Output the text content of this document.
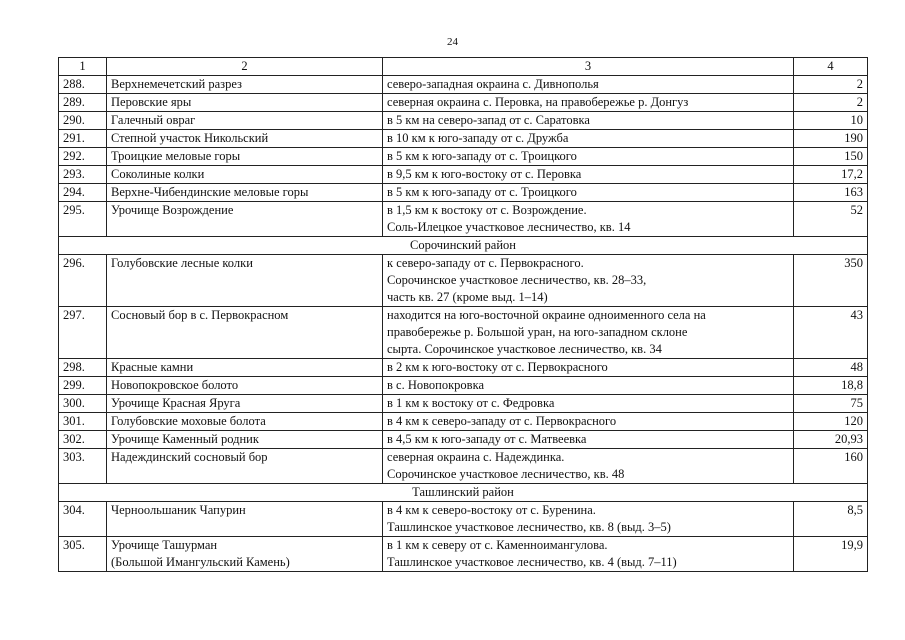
24
1	2	3	4
288.	Верхнемечетский разрез	северо-западная окраина с. Дивнополья	2
289.	Перовские яры	северная окраина с. Перовка, на правобережье р. Донгуз	2
290.	Галечный овраг	в 5 км на северо-запад от с. Саратовка	10
291.	Степной участок Никольский	в 10 км к юго-западу от с. Дружба	190
292.	Троицкие меловые горы	в 5 км к юго-западу от с. Троицкого	150
293.	Соколиные колки	в 9,5 км к юго-востоку от с. Перовка	17,2
294.	Верхне-Чибендинские меловые горы	в 5 км к юго-западу от с. Троицкого	163
295.	Урочище Возрождение	в 1,5 км к востоку от с. Возрождение.
Соль-Илецкое участковое лесничество, кв. 14	52
Сорочинский район			
296.	Голубовские лесные колки	к северо-западу от с. Первокрасного.
Сорочинское участковое лесничество, кв. 28–33,
часть кв. 27 (кроме выд. 1–14)	350
297.	Сосновый бор в с. Первокрасном	находится на юго-восточной окраине одноименного села на
правобережье р. Большой уран, на юго-западном склоне
сырта. Сорочинское участковое лесничество, кв. 34	43
298.	Красные камни	в 2 км к юго-востоку от с. Первокрасного	48
299.	Новопокровское болото	в с. Новопокровка	18,8
300.	Урочище Красная Яруга	в 1 км к востоку от с. Федровка	75
301.	Голубовские моховые болота	в 4 км к северо-западу от с. Первокрасного	120
302.	Урочище Каменный родник	в 4,5 км к юго-западу от с. Матвеевка	20,93
303.	Надеждинский сосновый бор	северная окраина с. Надеждинка.
Сорочинское участковое лесничество, кв. 48	160
Ташлинский район			
304.	Черноольшаник Чапурин	в 4 км к северо-востоку от с. Буренина.
Ташлинское участковое лесничество, кв. 8 (выд. 3–5)	8,5
305.	Урочище Ташурман
(Большой Имангульский Камень)	в 1 км к северу от с. Каменноимангулова.
Ташлинское участковое лесничество, кв. 4 (выд. 7–11)	19,9
